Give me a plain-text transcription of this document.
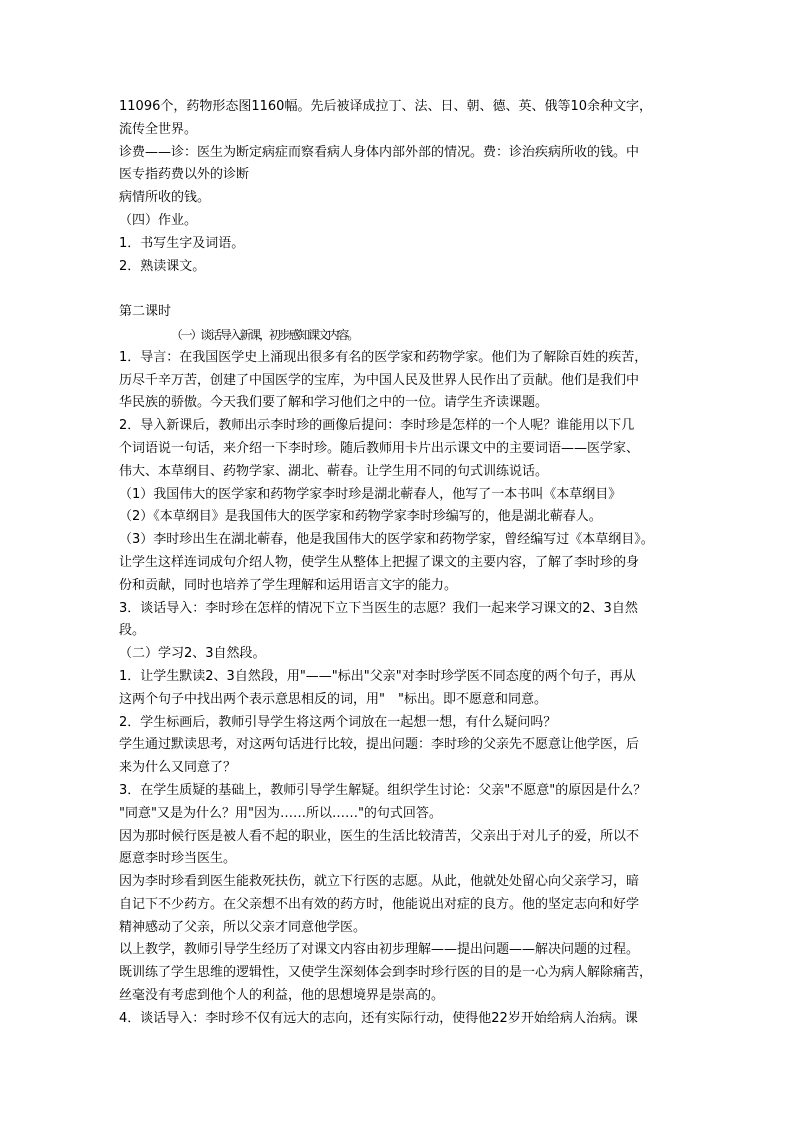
11096个，药物形态图1160幅。先后被译成拉丁、法、日、朝、德、英、俄等10余种文字，
流传全世界。
诊费——诊：医生为断定病症而察看病人身体内部外部的情况。费：诊治疾病所收的钱。中
医专指药费以外的诊断
病情所收的钱。
（四）作业。
1．书写生字及词语。
2．熟读课文。
第二课时
（一）谈话导入新课，初步感知课文内容。
1．导言：在我国医学史上涌现出很多有名的医学家和药物学家。他们为了解除百姓的疾苦，
历尽千辛万苦，创建了中国医学的宝库，为中国人民及世界人民作出了贡献。他们是我们中
华民族的骄傲。今天我们要了解和学习他们之中的一位。请学生齐读课题。
2．导入新课后，教师出示李时珍的画像后提问：李时珍是怎样的一个人呢？谁能用以下几
个词语说一句话，来介绍一下李时珍。随后教师用卡片出示课文中的主要词语——医学家、
伟大、本草纲目、药物学家、湖北、蕲春。让学生用不同的句式训练说话。
（1）我国伟大的医学家和药物学家李时珍是湖北蕲春人，他写了一本书叫《本草纲目》
（2）《本草纲目》是我国伟大的医学家和药物学家李时珍编写的，他是湖北蕲春人。
（3）李时珍出生在湖北蕲春，他是我国伟大的医学家和药物学家，曾经编写过《本草纲目》。
让学生这样连词成句介绍人物，使学生从整体上把握了课文的主要内容，了解了李时珍的身
份和贡献，同时也培养了学生理解和运用语言文字的能力。
3．谈话导入：李时珍在怎样的情况下立下当医生的志愿？我们一起来学习课文的2、3自然
段。
（二）学习2、3自然段。
1．让学生默读2、3自然段，用"——"标出"父亲"对李时珍学医不同态度的两个句子，再从
这两个句子中找出两个表示意思相反的词，用"　"标出。即不愿意和同意。
2．学生标画后，教师引导学生将这两个词放在一起想一想，有什么疑问吗？
学生通过默读思考，对这两句话进行比较，提出问题：李时珍的父亲先不愿意让他学医，后
来为什么又同意了？
3．在学生质疑的基础上，教师引导学生解疑。组织学生讨论：父亲"不愿意"的原因是什么？
"同意"又是为什么？用"因为……所以……"的句式回答。
因为那时候行医是被人看不起的职业，医生的生活比较清苦，父亲出于对儿子的爱，所以不
愿意李时珍当医生。
因为李时珍看到医生能救死扶伤，就立下行医的志愿。从此，他就处处留心向父亲学习，暗
自记下不少药方。在父亲想不出有效的药方时，他能说出对症的良方。他的坚定志向和好学
精神感动了父亲，所以父亲才同意他学医。
以上教学，教师引导学生经历了对课文内容由初步理解——提出问题——解决问题的过程。
既训练了学生思维的逻辑性，又使学生深刻体会到李时珍行医的目的是一心为病人解除痛苦，
丝毫没有考虑到他个人的利益，他的思想境界是崇高的。
4．谈话导入：李时珍不仅有远大的志向，还有实际行动，使得他22岁开始给病人治病。课
